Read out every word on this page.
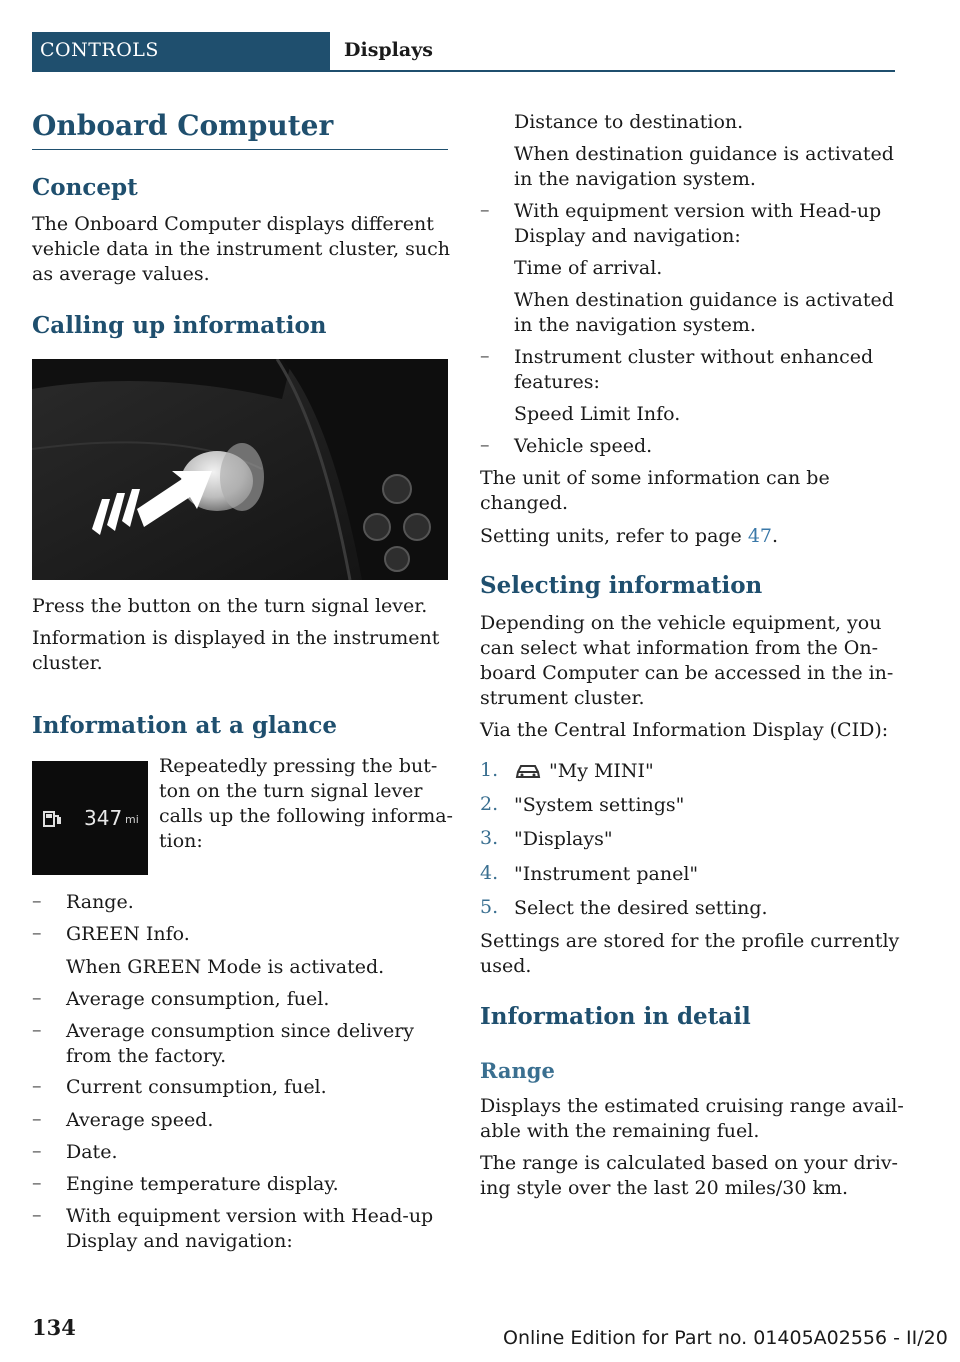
CONTROLS	Displays
Onboard Computer
Concept

The Onboard Computer displays different

vehicle data in the instrument cluster, such

as average values.

Calling up information

Press the button on the turn signal lever.

Information is displayed in the instrument

cluster.

Information at a glance
347 mi

Repeatedly pressing the but-

ton on the turn signal lever

calls up the following informa-

tion:

– Range.

– GREEN Info.

When GREEN Mode is activated.

– Average consumption, fuel.

– Average consumption since delivery

from the factory.

– Current consumption, fuel.

– Average speed.

– Date.

– Engine temperature display.

– With equipment version with Head-up

Display and navigation:

Distance to destination.

When destination guidance is activated

in the navigation system.

– With equipment version with Head-up

Display and navigation:

Time of arrival.

When destination guidance is activated

in the navigation system.

– Instrument cluster without enhanced

features:

Speed Limit Info.

– Vehicle speed.

The unit of some information can be

changed.

Setting units, refer to page 47.

Selecting information

Depending on the vehicle equipment, you

can select what information from the On-

board Computer can be accessed in the in-

strument cluster.

Via the Central Information Display (CID):

1.	"My MINI"

2. "System settings"

3. "Displays"

4. "Instrument panel"

5. Select the desired setting.

Settings are stored for the profile currently

used.

Information in detail
Range

Displays the estimated cruising range avail-

able with the remaining fuel.

The range is calculated based on your driv-

ing style over the last 20 miles/30 km.

134	Online Edition for Part no. 01405A02556 - II/20
